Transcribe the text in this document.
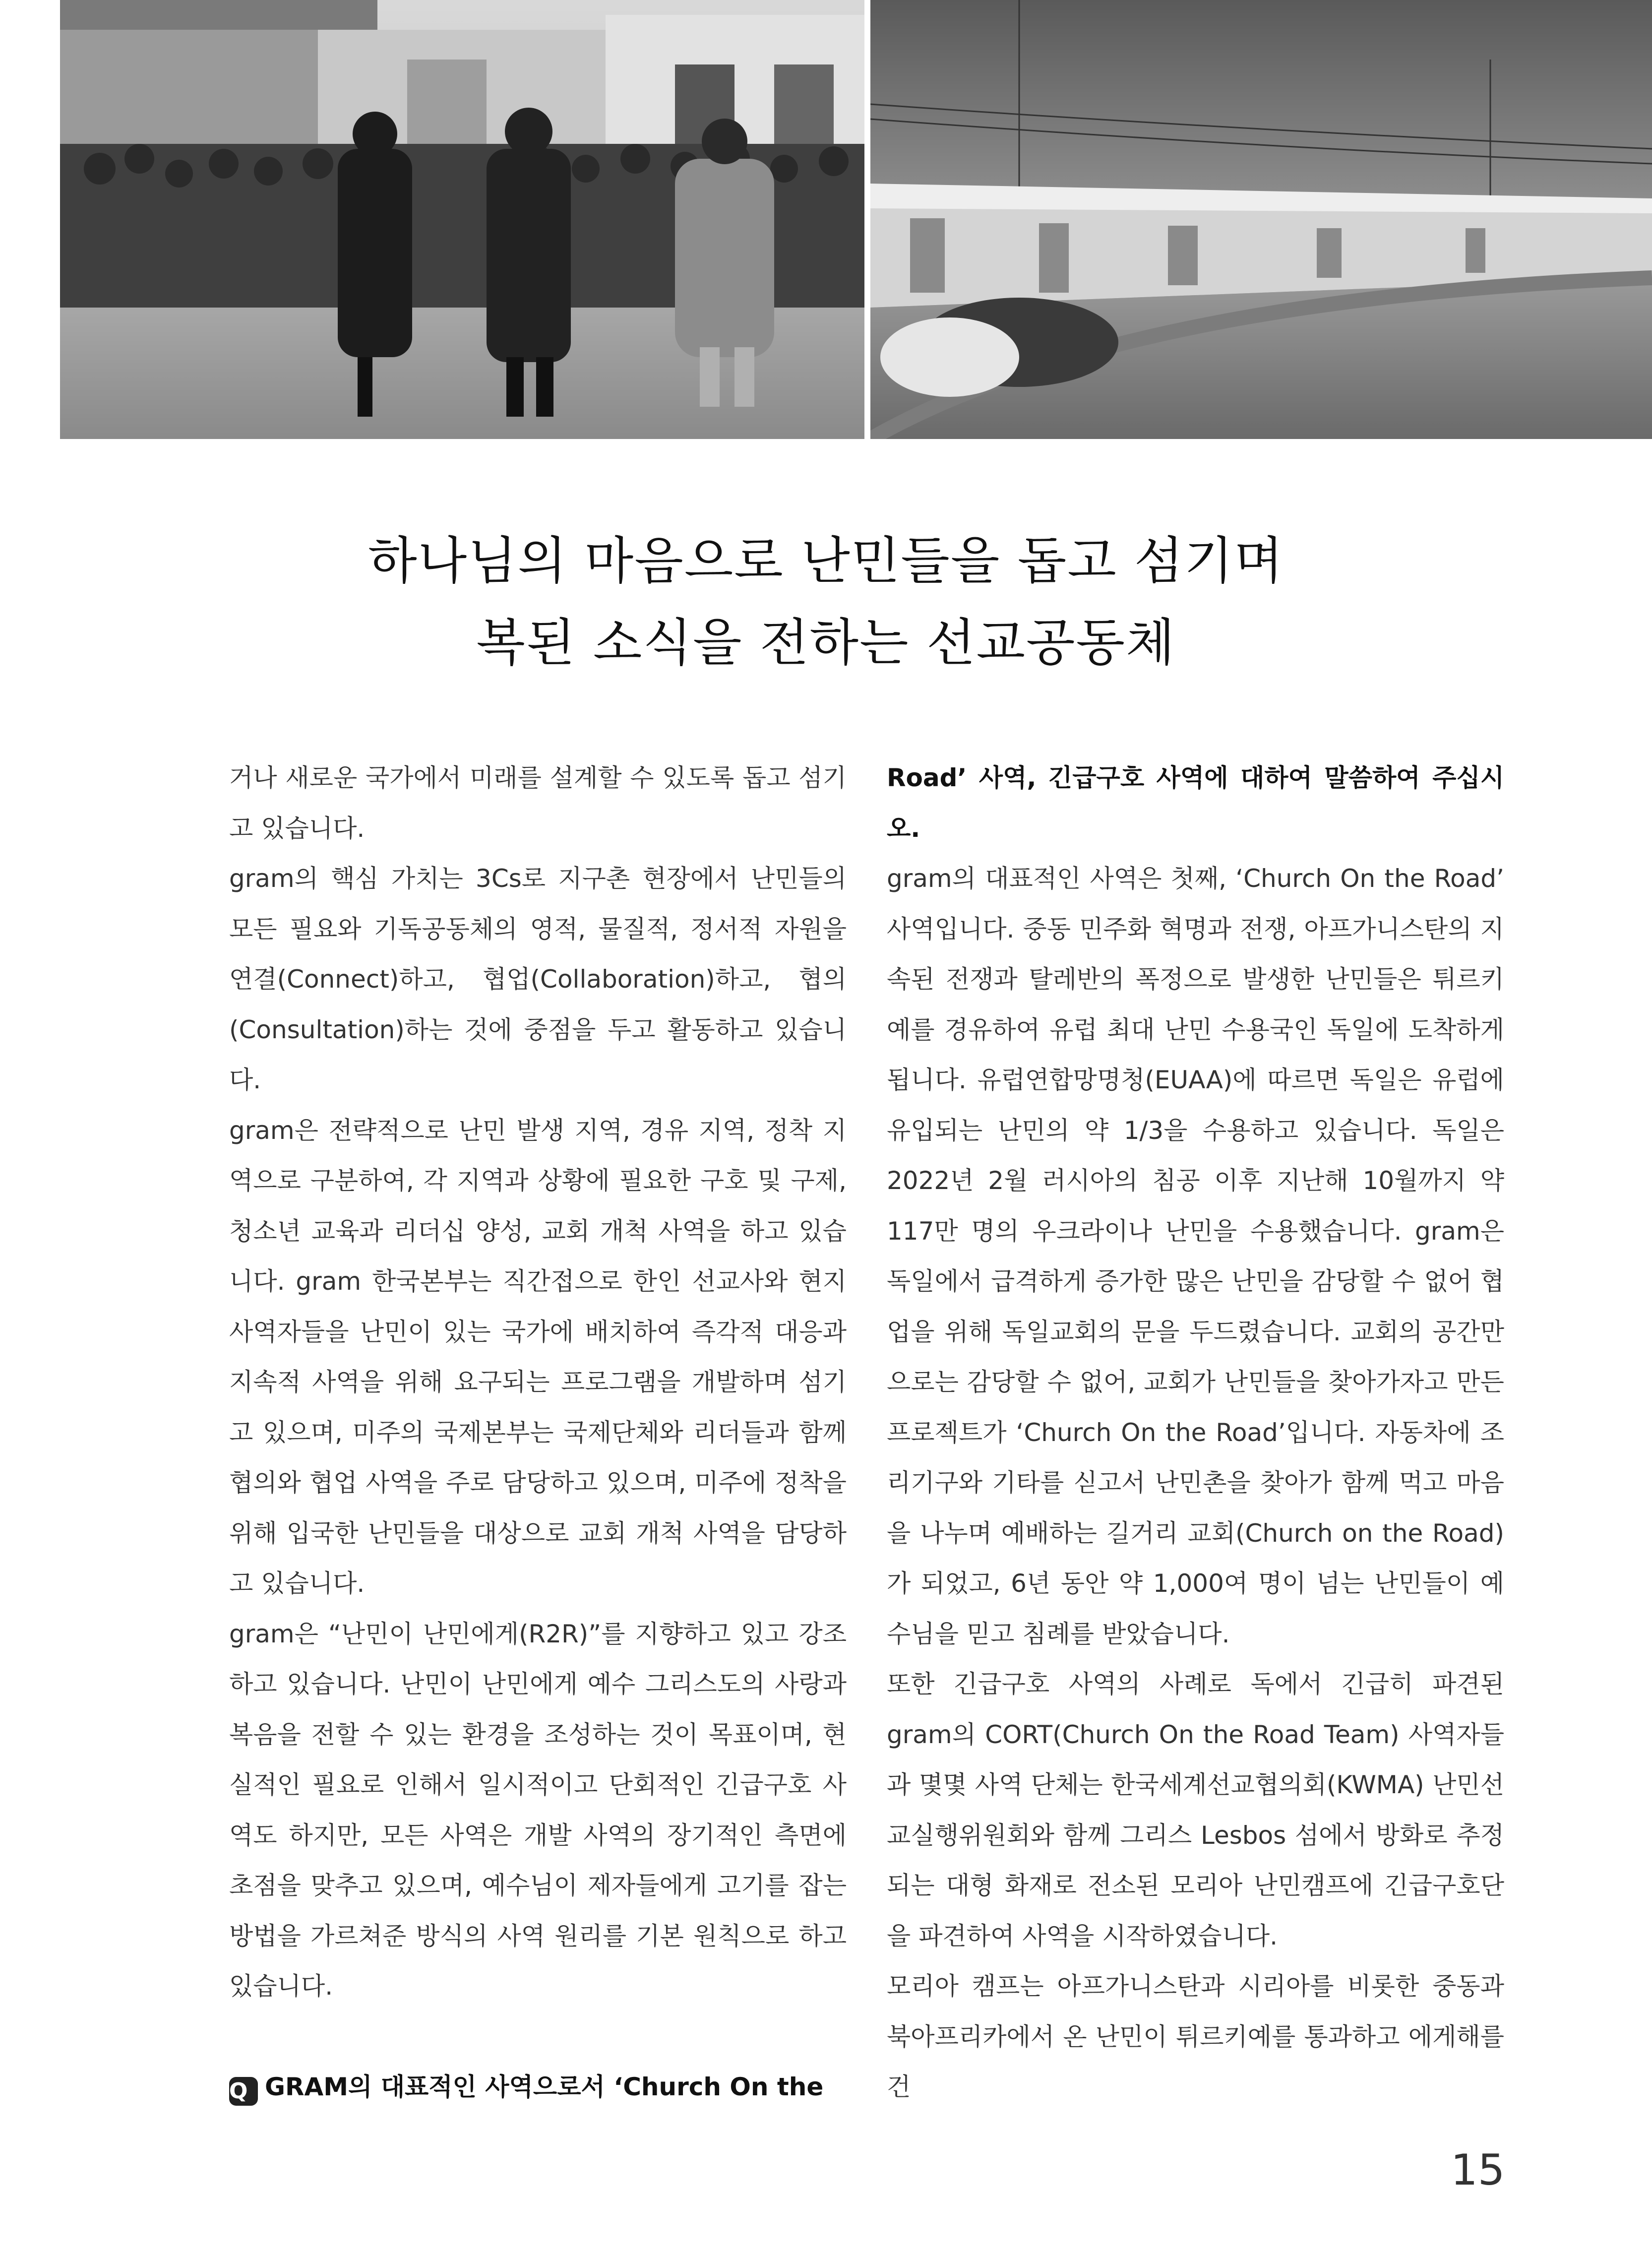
하나님의 마음으로 난민들을 돕고 섬기며
복된 소식을 전하는 선교공동체

거나 새로운 국가에서 미래를 설계할 수 있도록 돕고 섬기고 있습니다.

gram의 핵심 가치는 3Cs로 지구촌 현장에서 난민들의 모든 필요와 기독공동체의 영적, 물질적, 정서적 자원을 연결(Connect)하고, 협업(Collaboration)하고, 협의(Consultation)하는 것에 중점을 두고 활동하고 있습니다.

gram은 전략적으로 난민 발생 지역, 경유 지역, 정착 지역으로 구분하여, 각 지역과 상황에 필요한 구호 및 구제, 청소년 교육과 리더십 양성, 교회 개척 사역을 하고 있습니다. gram 한국본부는 직간접으로 한인 선교사와 현지 사역자들을 난민이 있는 국가에 배치하여 즉각적 대응과 지속적 사역을 위해 요구되는 프로그램을 개발하며 섬기고 있으며, 미주의 국제본부는 국제단체와 리더들과 함께 협의와 협업 사역을 주로 담당하고 있으며, 미주에 정착을 위해 입국한 난민들을 대상으로 교회 개척 사역을 담당하고 있습니다.

gram은 “난민이 난민에게(R2R)”를 지향하고 있고 강조하고 있습니다. 난민이 난민에게 예수 그리스도의 사랑과 복음을 전할 수 있는 환경을 조성하는 것이 목표이며, 현실적인 필요로 인해서 일시적이고 단회적인 긴급구호 사역도 하지만, 모든 사역은 개발 사역의 장기적인 측면에 초점을 맞추고 있으며, 예수님이 제자들에게 고기를 잡는 방법을 가르쳐준 방식의 사역 원리를 기본 원칙으로 하고 있습니다.

Q GRAM의 대표적인 사역으로서 ‘Church On the

Road’ 사역, 긴급구호 사역에 대하여 말씀하여 주십시오.

gram의 대표적인 사역은 첫째, ‘Church On the Road’ 사역입니다. 중동 민주화 혁명과 전쟁, 아프가니스탄의 지속된 전쟁과 탈레반의 폭정으로 발생한 난민들은 튀르키예를 경유하여 유럽 최대 난민 수용국인 독일에 도착하게 됩니다. 유럽연합망명청(EUAA)에 따르면 독일은 유럽에 유입되는 난민의 약 1/3을 수용하고 있습니다. 독일은 2022년 2월 러시아의 침공 이후 지난해 10월까지 약 117만 명의 우크라이나 난민을 수용했습니다. gram은 독일에서 급격하게 증가한 많은 난민을 감당할 수 없어 협업을 위해 독일교회의 문을 두드렸습니다. 교회의 공간만으로는 감당할 수 없어, 교회가 난민들을 찾아가자고 만든 프로젝트가 ‘Church On the Road’입니다. 자동차에 조리기구와 기타를 싣고서 난민촌을 찾아가 함께 먹고 마음을 나누며 예배하는 길거리 교회(Church on the Road)가 되었고, 6년 동안 약 1,000여 명이 넘는 난민들이 예수님을 믿고 침례를 받았습니다.

또한 긴급구호 사역의 사례로 독에서 긴급히 파견된 gram의 CORT(Church On the Road Team) 사역자들과 몇몇 사역 단체는 한국세계선교협의회(KWMA) 난민선교실행위원회와 함께 그리스 Lesbos 섬에서 방화로 추정되는 대형 화재로 전소된 모리아 난민캠프에 긴급구호단을 파견하여 사역을 시작하였습니다.

모리아 캠프는 아프가니스탄과 시리아를 비롯한 중동과 북아프리카에서 온 난민이 튀르키예를 통과하고 에게해를 건

15
